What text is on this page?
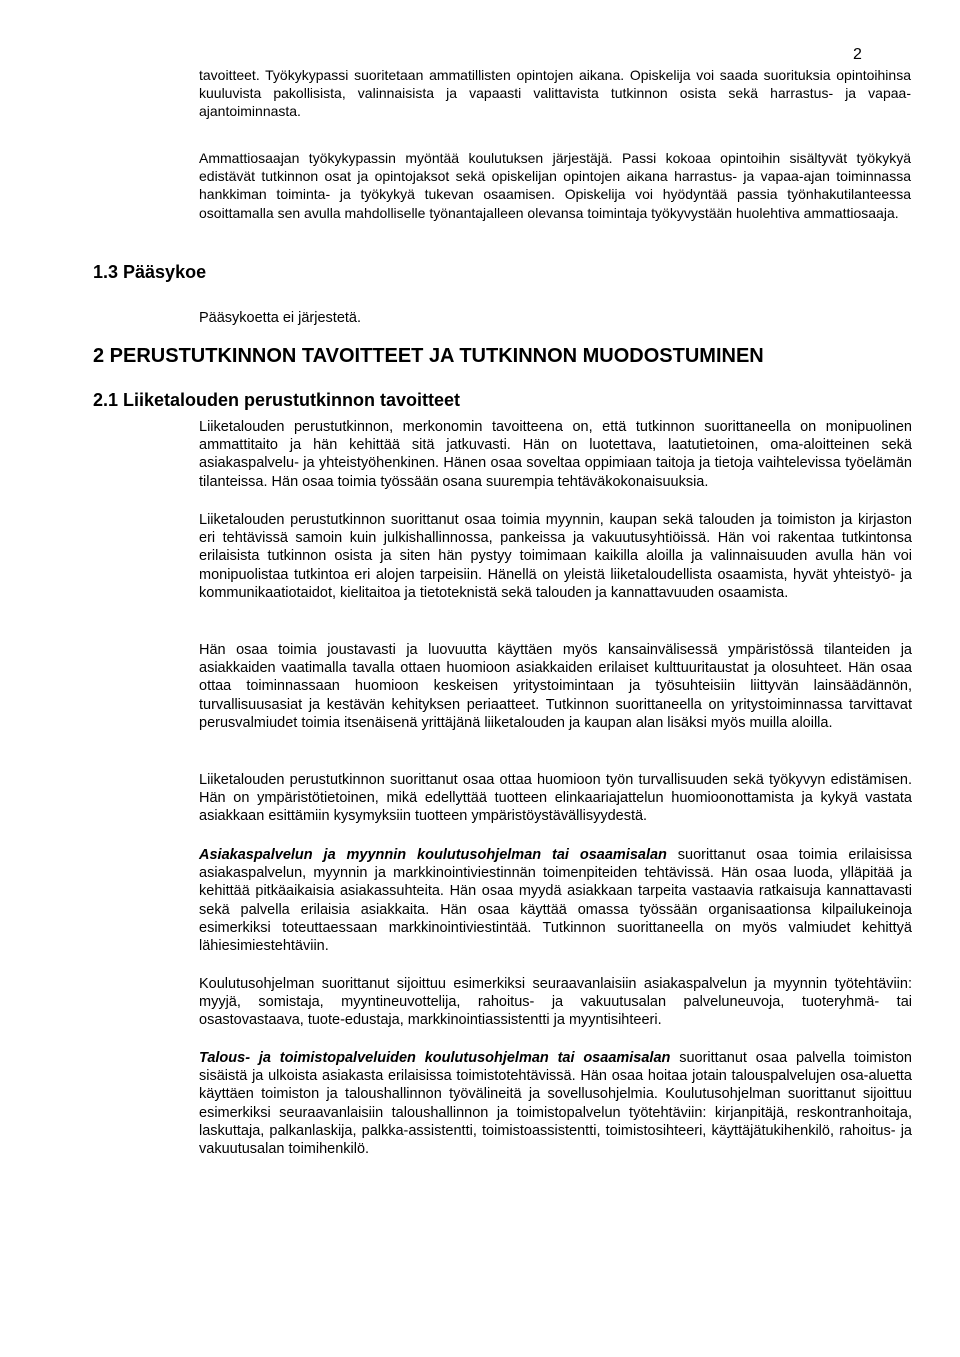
2

tavoitteet. Työkykypassi suoritetaan ammatillisten opintojen aikana. Opiskelija voi saada suorituksia opintoihinsa kuuluvista pakollisista, valinnaisista ja vapaasti valittavista tutkinnon osista sekä harrastus- ja vapaa-ajantoiminnasta.

Ammattiosaajan työkykypassin myöntää koulutuksen järjestäjä. Passi kokoaa opintoihin sisältyvät työkykyä edistävät tutkinnon osat ja opintojaksot sekä opiskelijan opintojen aikana harrastus- ja vapaa-ajan toiminnassa hankkiman toiminta- ja työkykyä tukevan osaamisen. Opiskelija voi hyödyntää passia työnhakutilanteessa osoittamalla sen avulla mahdolliselle työnantajalleen olevansa toimintaja työkyvystään huolehtiva ammattiosaaja.

1.3 Pääsykoe

Pääsykoetta ei järjestetä.

2 PERUSTUTKINNON TAVOITTEET JA TUTKINNON MUODOSTUMINEN
2.1 Liiketalouden perustutkinnon tavoitteet

Liiketalouden perustutkinnon, merkonomin tavoitteena on, että tutkinnon suorittaneella on monipuolinen ammattitaito ja hän kehittää sitä jatkuvasti. Hän on luotettava, laatutietoinen, oma-aloitteinen sekä asiakaspalvelu- ja yhteistyöhenkinen. Hänen osaa soveltaa oppimiaan taitoja ja tietoja vaihtelevissa työelämän tilanteissa. Hän osaa toimia työssään osana suurempia tehtäväkokonaisuuksia.

Liiketalouden perustutkinnon suorittanut osaa toimia myynnin, kaupan sekä talouden ja toimiston ja kirjaston eri tehtävissä samoin kuin julkishallinnossa, pankeissa ja vakuutusyhtiöissä. Hän voi rakentaa tutkintonsa erilaisista tutkinnon osista ja siten hän pystyy toimimaan kaikilla aloilla ja valinnaisuuden avulla hän voi monipuolistaa tutkintoa eri alojen tarpeisiin. Hänellä on yleistä liiketaloudellista osaamista, hyvät yhteistyö- ja kommunikaatiotaidot, kielitaitoa ja tietoteknistä sekä talouden ja kannattavuuden osaamista.

Hän osaa toimia joustavasti ja luovuutta käyttäen myös kansainvälisessä ympäristössä tilanteiden ja asiakkaiden vaatimalla tavalla ottaen huomioon asiakkaiden erilaiset kulttuuritaustat ja olosuhteet. Hän osaa ottaa toiminnassaan huomioon keskeisen yritystoimintaan ja työsuhteisiin liittyvän lainsäädännön, turvallisuusasiat ja kestävän kehityksen periaatteet. Tutkinnon suorittaneella on yritystoiminnassa tarvittavat perusvalmiudet toimia itsenäisenä yrittäjänä liiketalouden ja kaupan alan lisäksi myös muilla aloilla.

Liiketalouden perustutkinnon suorittanut osaa ottaa huomioon työn turvallisuuden sekä työkyvyn edistämisen. Hän on ympäristötietoinen, mikä edellyttää tuotteen elinkaariajattelun huomioonottamista ja kykyä vastata asiakkaan esittämiin kysymyksiin tuotteen ympäristöystävällisyydestä.

Asiakaspalvelun ja myynnin koulutusohjelman tai osaamisalan suorittanut osaa toimia erilaisissa asiakaspalvelun, myynnin ja markkinointiviestinnän toimenpiteiden tehtävissä. Hän osaa luoda, ylläpitää ja kehittää pitkäaikaisia asiakassuhteita. Hän osaa myydä asiakkaan tarpeita vastaavia ratkaisuja kannattavasti sekä palvella erilaisia asiakkaita. Hän osaa käyttää omassa työssään organisaationsa kilpailukeinoja esimerkiksi toteuttaessaan markkinointiviestintää. Tutkinnon suorittaneella on myös valmiudet kehittyä lähiesimiestehtäviin.

Koulutusohjelman suorittanut sijoittuu esimerkiksi seuraavanlaisiin asiakaspalvelun ja myynnin työtehtäviin: myyjä, somistaja, myyntineuvottelija, rahoitus- ja vakuutusalan palveluneuvoja, tuoteryhmä- tai osastovastaava, tuote-edustaja, markkinointiassistentti ja myyntisihteeri.

Talous- ja toimistopalveluiden koulutusohjelman tai osaamisalan suorittanut osaa palvella toimiston sisäistä ja ulkoista asiakasta erilaisissa toimistotehtävissä. Hän osaa hoitaa jotain talouspalvelujen osa-aluetta käyttäen toimiston ja taloushallinnon työvälineitä ja sovellusohjelmia. Koulutusohjelman suorittanut sijoittuu esimerkiksi seuraavanlaisiin taloushallinnon ja toimistopalvelun työtehtäviin: kirjanpitäjä, reskontranhoitaja, laskuttaja, palkanlaskija, palkka-assistentti, toimistoassistentti, toimistosihteeri, käyttäjätukihenkilö, rahoitus- ja vakuutusalan toimihenkilö.
